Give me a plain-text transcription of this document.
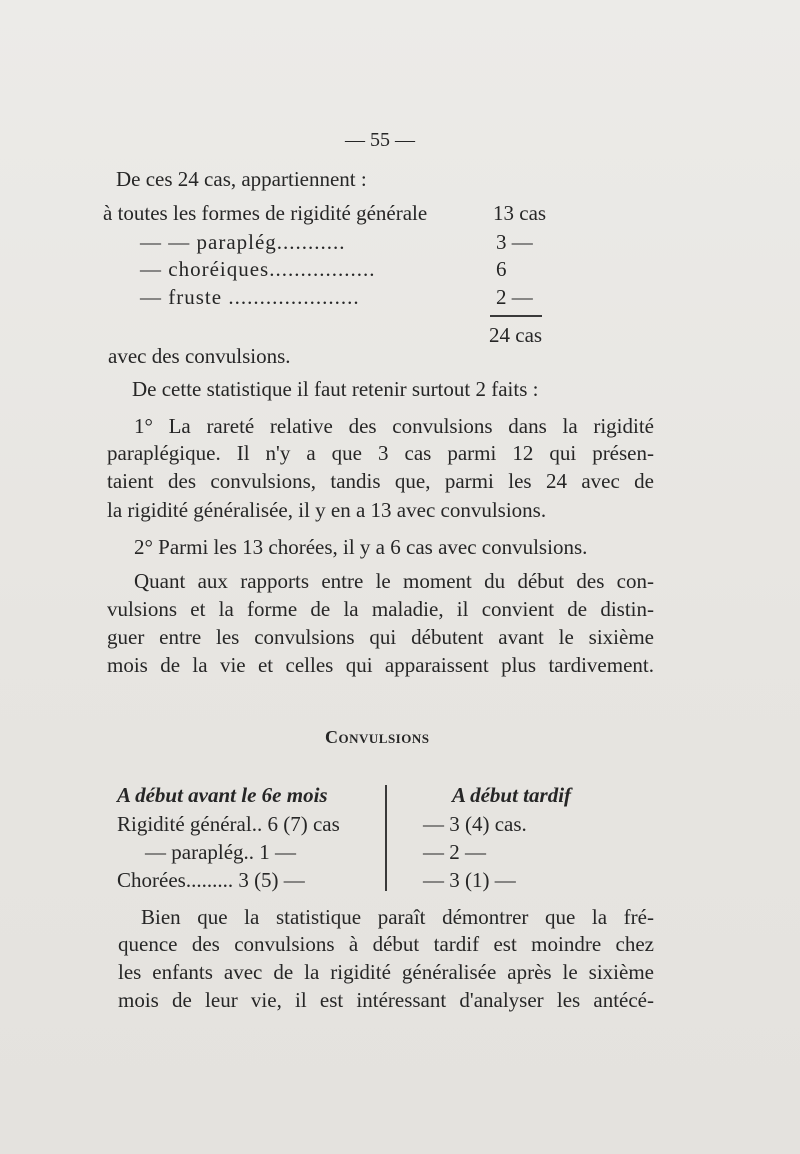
— 55 —
De ces 24 cas, appartiennent :
à toutes les formes de rigidité générale	13 cas
— — paraplég...........	3 —
— choréiques.................	6
— fruste .....................	2 —
24 cas
avec des convulsions.
De cette statistique il faut retenir surtout 2 faits :
1° La rareté relative des convulsions dans la rigidité
paraplégique. Il n'y a que 3 cas parmi 12 qui présen-
taient des convulsions, tandis que, parmi les 24 avec de
la rigidité généralisée, il y en a 13 avec convulsions.
2° Parmi les 13 chorées, il y a 6 cas avec convulsions.
Quant aux rapports entre le moment du début des con-
vulsions et la forme de la maladie, il convient de distin-
guer entre les convulsions qui débutent avant le sixième
mois de la vie et celles qui apparaissent plus tardivement.
Convulsions
A début avant le 6e mois	A début tardif
Rigidité général.. 6 (7) cas	— 3 (4) cas.
— paraplég.. 1 —	— 2 —
Chorées......... 3 (5) —	— 3 (1) —
Bien que la statistique paraît démontrer que la fré-
quence des convulsions à début tardif est moindre chez
les enfants avec de la rigidité généralisée après le sixième
mois de leur vie, il est intéressant d'analyser les antécé-
